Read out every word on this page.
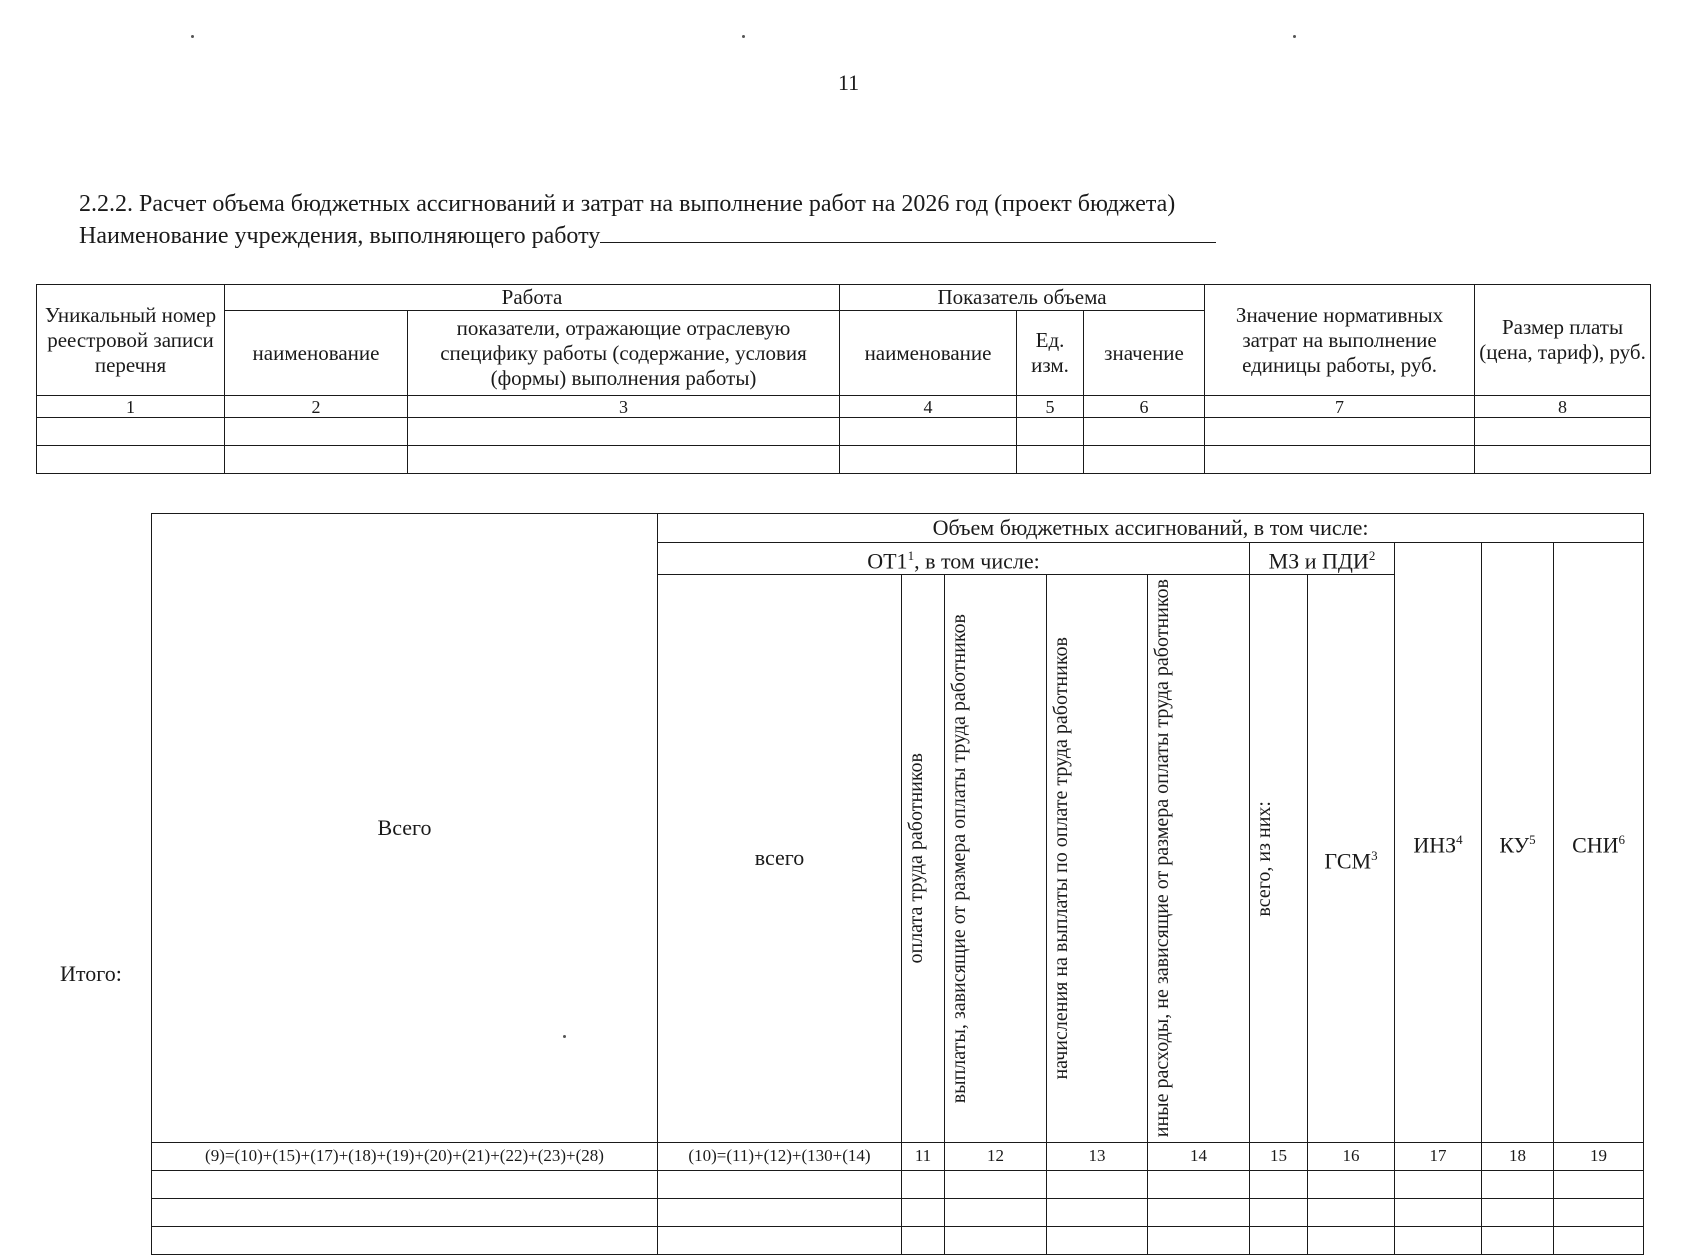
11
2.2.2. Расчет объема бюджетных ассигнований и затрат на выполнение работ на 2026 год (проект бюджета)
Наименование учреждения, выполняющего работу
Уникальный номер реестровой записи перечня	Работа		Показатель объема			Значение нормативных затрат на выполнение единицы работы, руб.	Размер платы (цена, тариф), руб.
	наименование	показатели, отражающие отраслевую специфику работы (содержание, условия (формы) выполнения работы)	наименование	Ед. изм.	значение		
1	2	3	4	5	6	7	8

Всего	Объем бюджетных ассигнований, в том числе:									
	$ОТ1^1$, в том числе:					МЗ и ПДИ$^2$		ИНЗ$^4$	$КУ^5$	СНИ$^6$
	всего	оплата труда работников	выплаты, зависящие от размера оплаты труда работников	начисления на выплаты по оплате труда работников	иные расходы, не зависящие от размера оплаты труда работников	всего, из них:	ГСМ$^3$
(9)=(10)+(15)+(17)+(18)+(19)+(20)+(21)+(22)+(23)+(28)	(10)=(11)+(12)+(130+(14)	11	12	13	14	15	16	17	18	19

Итого:
